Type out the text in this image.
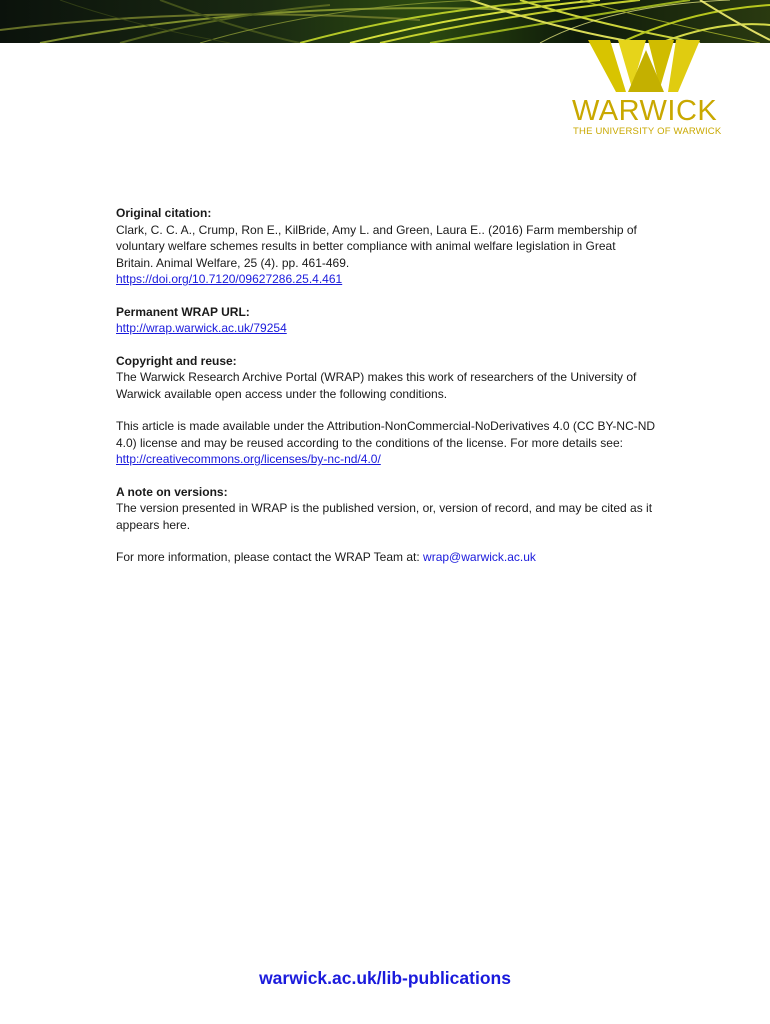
WARWICK
THE UNIVERSITY OF WARWICK
Original citation:
Clark, C. C. A., Crump, Ron E., KilBride, Amy L. and Green, Laura E.. (2016) Farm membership of voluntary welfare schemes results in better compliance with animal welfare legislation in Great Britain. Animal Welfare, 25 (4). pp. 461-469.
https://doi.org/10.7120/09627286.25.4.461
Permanent WRAP URL:
http://wrap.warwick.ac.uk/79254
Copyright and reuse:
The Warwick Research Archive Portal (WRAP) makes this work of researchers of the University of Warwick available open access under the following conditions.
This article is made available under the Attribution-NonCommercial-NoDerivatives 4.0 (CC BY-NC-ND 4.0) license and may be reused according to the conditions of the license. For more details see: http://creativecommons.org/licenses/by-nc-nd/4.0/
A note on versions:
The version presented in WRAP is the published version, or, version of record, and may be cited as it appears here.
For more information, please contact the WRAP Team at: wrap@warwick.ac.uk
warwick.ac.uk/lib-publications
